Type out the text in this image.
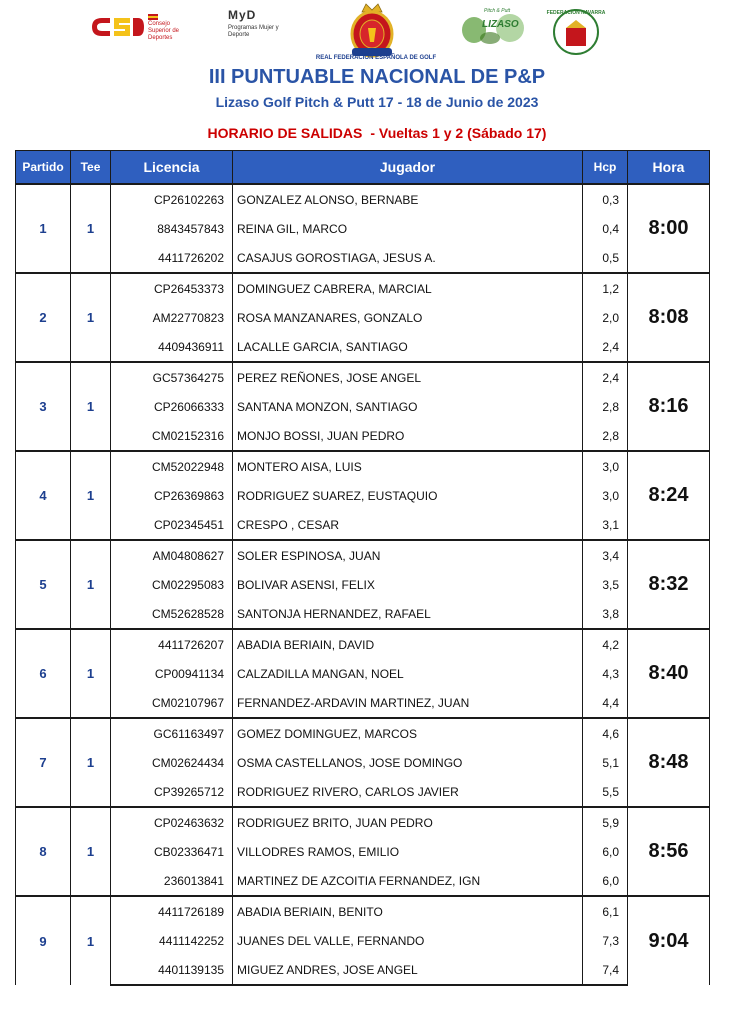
Consejo Superior de Deportes
MyD
Programas Mujer y Deporte
REAL FEDERACIÓN ESPAÑOLA DE GOLF
Pitch & Putt
LIZASO
FEDERACIÓN NAVARRA
III PUNTUABLE NACIONAL DE P&P
Lizaso Golf Pitch & Putt 17 - 18 de Junio de 2023
HORARIO DE SALIDAS - Vueltas 1 y 2 (Sábado 17)
Partido	Tee	Licencia	Jugador	Hcp	Hora
1	1	CP26102263	GONZALEZ ALONSO, BERNABE	0,3	8:00
		8843457843	REINA GIL, MARCO	0,4	
		4411726202	CASAJUS GOROSTIAGA, JESUS A.	0,5	
2	1	CP26453373	DOMINGUEZ CABRERA, MARCIAL	1,2	8:08
		AM22770823	ROSA MANZANARES, GONZALO	2,0	
		4409436911	LACALLE GARCIA, SANTIAGO	2,4	
3	1	GC57364275	PEREZ REÑONES, JOSE ANGEL	2,4	8:16
		CP26066333	SANTANA MONZON, SANTIAGO	2,8	
		CM02152316	MONJO BOSSI, JUAN PEDRO	2,8	
4	1	CM52022948	MONTERO AISA, LUIS	3,0	8:24
		CP26369863	RODRIGUEZ SUAREZ, EUSTAQUIO	3,0	
		CP02345451	CRESPO , CESAR	3,1	
5	1	AM04808627	SOLER ESPINOSA, JUAN	3,4	8:32
		CM02295083	BOLIVAR ASENSI, FELIX	3,5	
		CM52628528	SANTONJA HERNANDEZ, RAFAEL	3,8	
6	1	4411726207	ABADIA BERIAIN, DAVID	4,2	8:40
		CP00941134	CALZADILLA MANGAN, NOEL	4,3	
		CM02107967	FERNANDEZ-ARDAVIN MARTINEZ, JUAN	4,4	
7	1	GC61163497	GOMEZ DOMINGUEZ, MARCOS	4,6	8:48
		CM02624434	OSMA CASTELLANOS, JOSE DOMINGO	5,1	
		CP39265712	RODRIGUEZ RIVERO, CARLOS JAVIER	5,5	
8	1	CP02463632	RODRIGUEZ BRITO, JUAN PEDRO	5,9	8:56
		CB02336471	VILLODRES RAMOS, EMILIO	6,0	
		236013841	MARTINEZ DE AZCOITIA FERNANDEZ, IGN	6,0	
9	1	4411726189	ABADIA BERIAIN, BENITO	6,1	9:04
		4411142252	JUANES DEL VALLE, FERNANDO	7,3	
		4401139135	MIGUEZ ANDRES, JOSE ANGEL	7,4	
